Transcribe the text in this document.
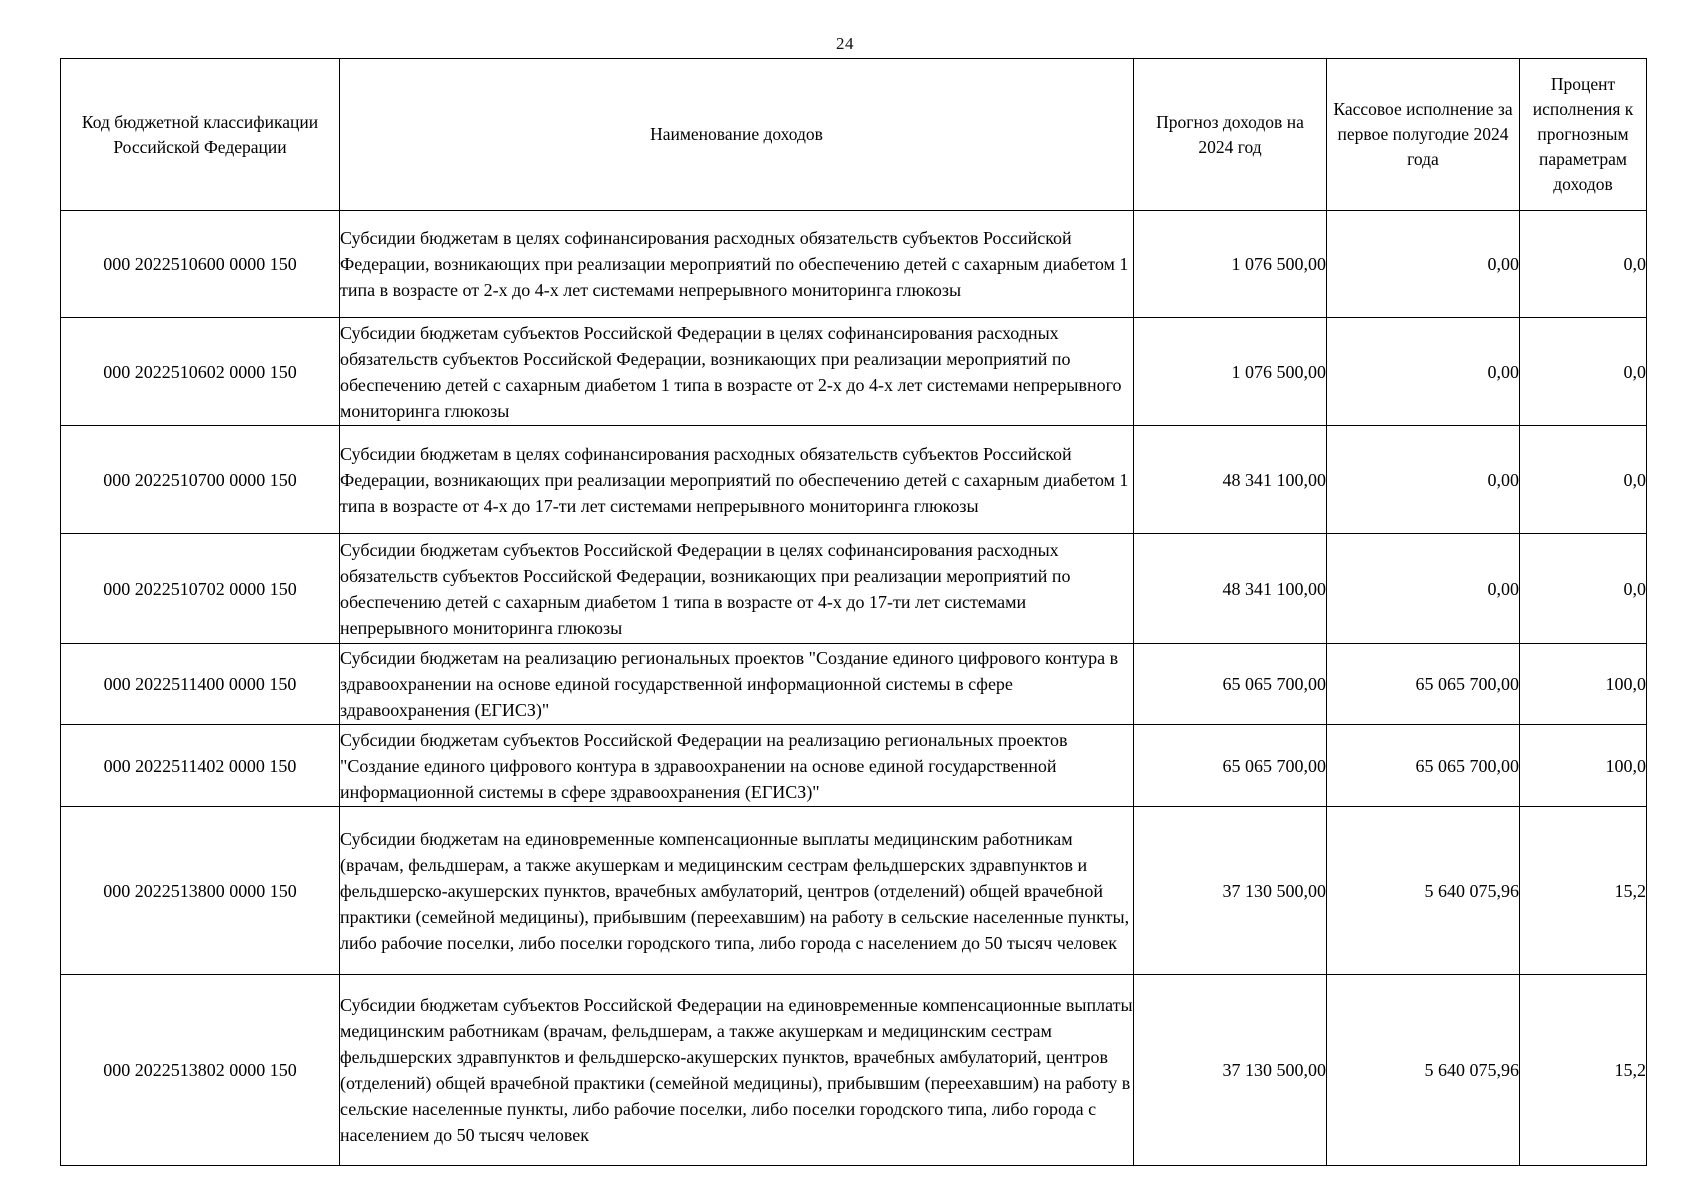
24
Код бюджетной классификации Российской Федерации	Наименование доходов	Прогноз доходов на 2024 год	Кассовое исполнение за первое полугодие 2024 года	Процент исполнения к прогнозным параметрам доходов
000 2022510600 0000 150	Субсидии бюджетам в целях софинансирования расходных обязательств субъектов Российской Федерации, возникающих при реализации мероприятий по обеспечению детей с сахарным диабетом 1 типа в возрасте от 2-х до 4-х лет системами непрерывного мониторинга глюкозы	1 076 500,00	0,00	0,0
000 2022510602 0000 150	Субсидии бюджетам субъектов Российской Федерации в целях софинансирования расходных обязательств субъектов Российской Федерации, возникающих при реализации мероприятий по обеспечению детей с сахарным диабетом 1 типа в возрасте от 2-х до 4-х лет системами непрерывного мониторинга глюкозы	1 076 500,00	0,00	0,0
000 2022510700 0000 150	Субсидии бюджетам в целях софинансирования расходных обязательств субъектов Российской Федерации, возникающих при реализации мероприятий по обеспечению детей с сахарным диабетом 1 типа в возрасте от 4-х до 17-ти лет системами непрерывного мониторинга глюкозы	48 341 100,00	0,00	0,0
000 2022510702 0000 150	Субсидии бюджетам субъектов Российской Федерации в целях софинансирования расходных обязательств субъектов Российской Федерации, возникающих при реализации мероприятий по обеспечению детей с сахарным диабетом 1 типа в возрасте от 4-х до 17-ти лет системами непрерывного мониторинга глюкозы	48 341 100,00	0,00	0,0
000 2022511400 0000 150	Субсидии бюджетам на реализацию региональных проектов "Создание единого цифрового контура в здравоохранении на основе единой государственной информационной системы в сфере здравоохранения (ЕГИСЗ)"	65 065 700,00	65 065 700,00	100,0
000 2022511402 0000 150	Субсидии бюджетам субъектов Российской Федерации на реализацию региональных проектов "Создание единого цифрового контура в здравоохранении на основе единой государственной информационной системы в сфере здравоохранения (ЕГИСЗ)"	65 065 700,00	65 065 700,00	100,0
000 2022513800 0000 150	Субсидии бюджетам на единовременные компенсационные выплаты медицинским работникам (врачам, фельдшерам, а также акушеркам и медицинским сестрам фельдшерских здравпунктов и фельдшерско-акушерских пунктов, врачебных амбулаторий, центров (отделений) общей врачебной практики (семейной медицины), прибывшим (переехавшим) на работу в сельские населенные пункты, либо рабочие поселки, либо поселки городского типа, либо города с населением до 50 тысяч человек	37 130 500,00	5 640 075,96	15,2
000 2022513802 0000 150	Субсидии бюджетам субъектов Российской Федерации на единовременные компенсационные выплаты медицинским работникам (врачам, фельдшерам, а также акушеркам и медицинским сестрам фельдшерских здравпунктов и фельдшерско-акушерских пунктов, врачебных амбулаторий, центров (отделений) общей врачебной практики (семейной медицины), прибывшим (переехавшим) на работу в сельские населенные пункты, либо рабочие поселки, либо поселки городского типа, либо города с населением до 50 тысяч человек	37 130 500,00	5 640 075,96	15,2
